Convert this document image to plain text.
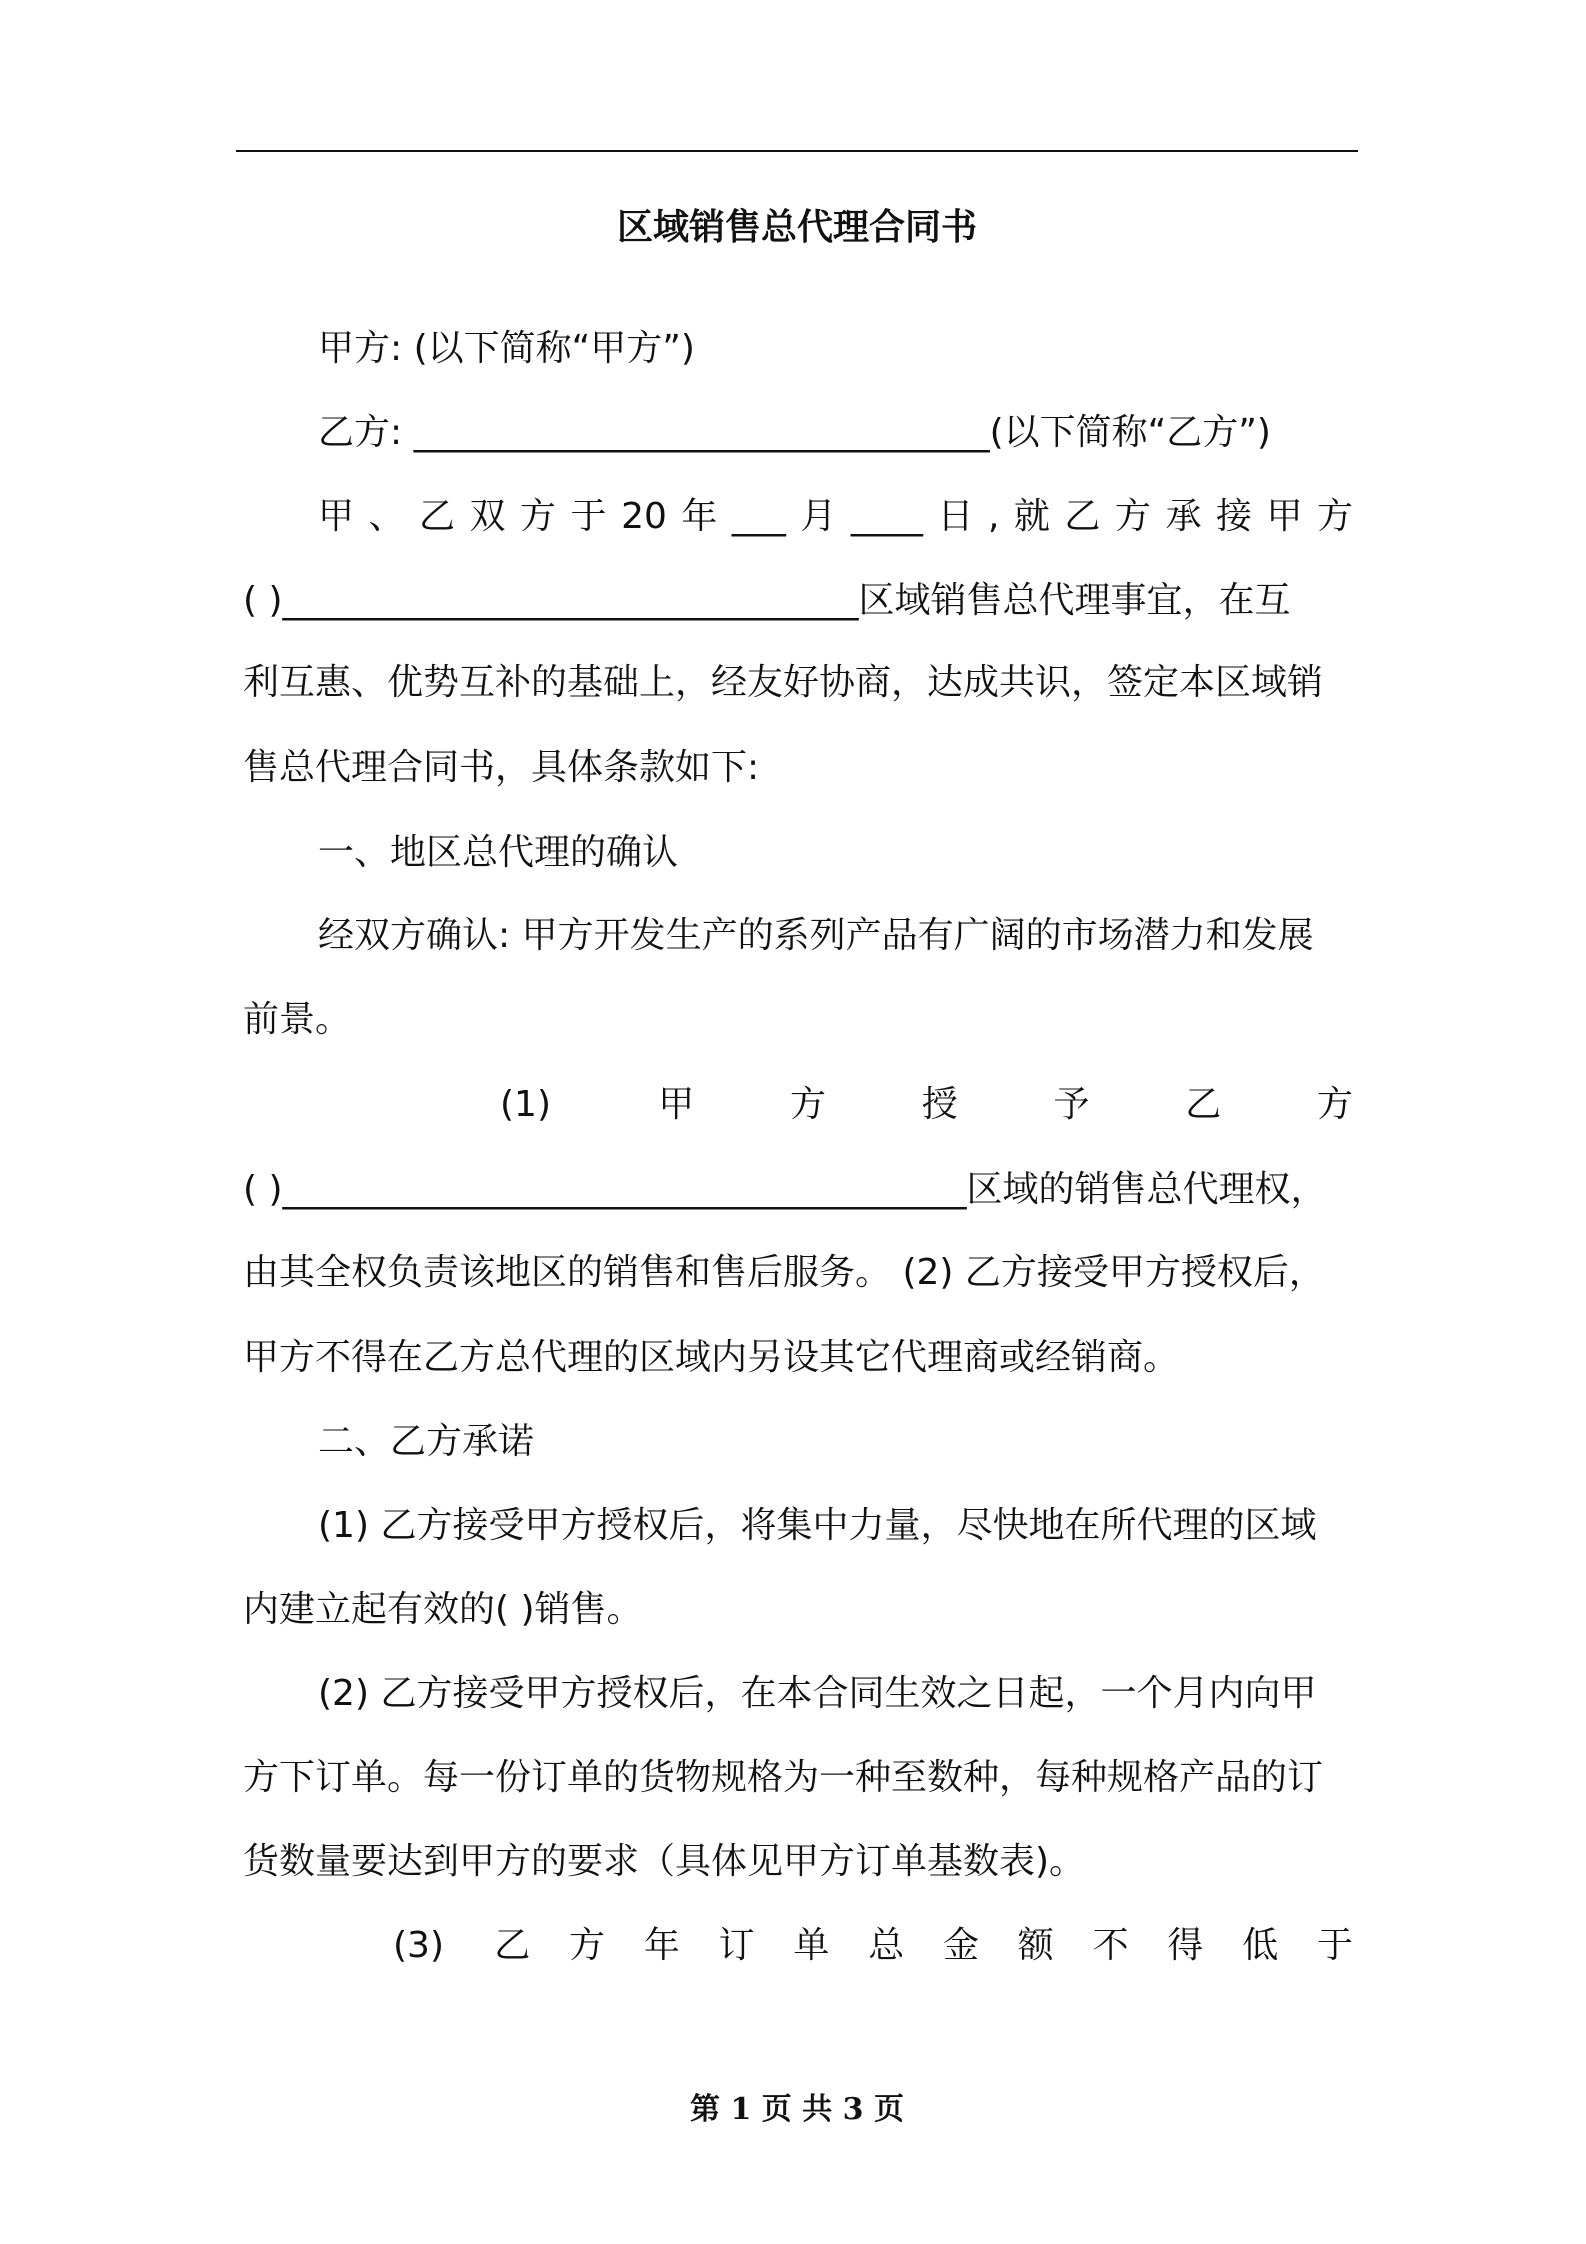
区域销售总代理合同书
甲方: (以下简称“甲方”)
乙方: ________________________________(以下简称“乙方”)
甲、乙双方于20年___月____日,就乙方承接甲方
( )________________________________区域销售总代理事宜，在互
利互惠、优势互补的基础上，经友好协商，达成共识，签定本区域销
售总代理合同书，具体条款如下:
一、地区总代理的确认
经双方确认: 甲方开发生产的系列产品有广阔的市场潜力和发展
前景。
(1) 甲方授予乙方
( )______________________________________区域的销售总代理权，
由其全权负责该地区的销售和售后服务。 (2) 乙方接受甲方授权后，
甲方不得在乙方总代理的区域内另设其它代理商或经销商。
二、乙方承诺
(1) 乙方接受甲方授权后，将集中力量，尽快地在所代理的区域
内建立起有效的( )销售。
(2) 乙方接受甲方授权后，在本合同生效之日起，一个月内向甲
方下订单。每一份订单的货物规格为一种至数种，每种规格产品的订
货数量要达到甲方的要求（具体见甲方订单基数表)。
(3) 乙方年订单总金额不得低于
第 1 页 共 3 页
